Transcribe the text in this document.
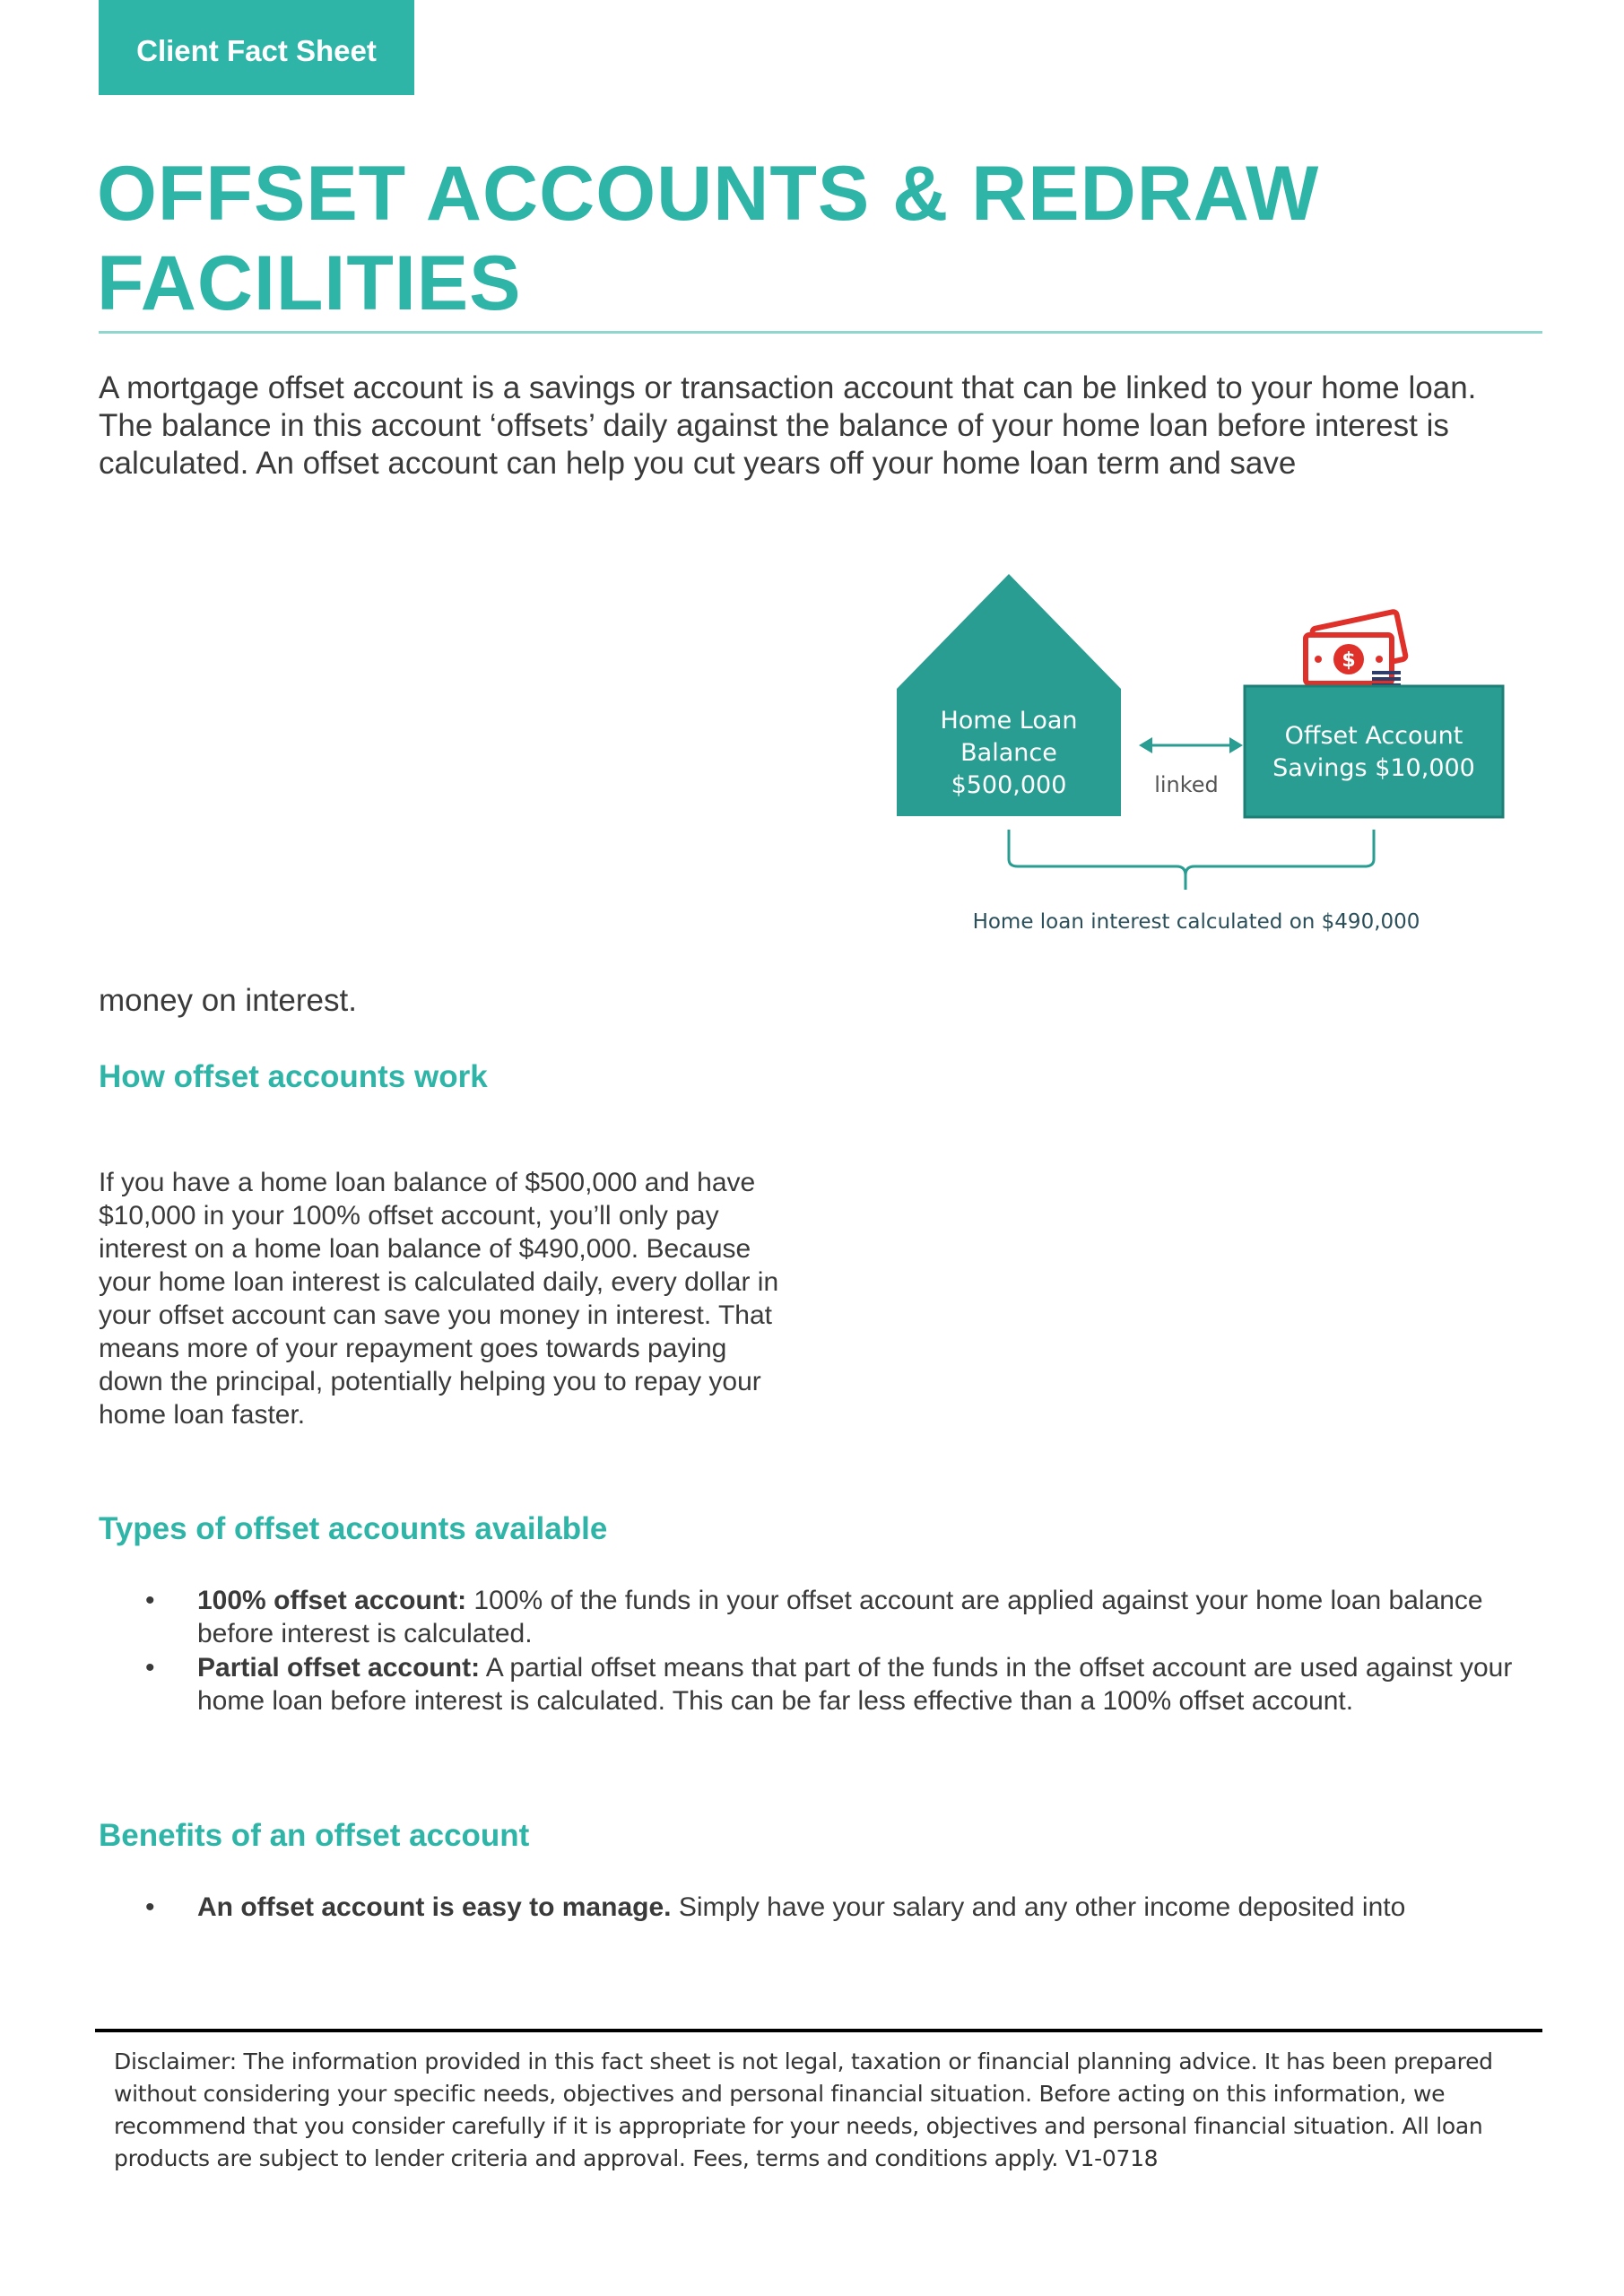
Client Fact Sheet
OFFSET ACCOUNTS & REDRAW FACILITIES

A mortgage offset account is a savings or transaction account that can be linked to your home loan. The balance in this account ‘offsets’ daily against the balance of your home loan before interest is calculated. An offset account can help you cut years off your home loan term and save

Home Loan
Balance
$500,000	linked
$
Offset Account
Savings $10,000
Home loan interest calculated on $490,000

money on interest.

How offset accounts work

If you have a home loan balance of $500,000 and have $10,000 in your 100% offset account, you’ll only pay interest on a home loan balance of $490,000. Because your home loan interest is calculated daily, every dollar in your offset account can save you money in interest. That means more of your repayment goes towards paying down the principal, potentially helping you to repay your home loan faster.

Types of offset accounts available
• 100% offset account: 100% of the funds in your offset account are applied against your home loan balance before interest is calculated.
• Partial offset account: A partial offset means that part of the funds in the offset account are used against your home loan before interest is calculated. This can be far less effective than a 100% offset account.
Benefits of an offset account
• An offset account is easy to manage. Simply have your salary and any other income deposited into

Disclaimer: The information provided in this fact sheet is not legal, taxation or financial planning advice. It has been prepared without considering your specific needs, objectives and personal financial situation. Before acting on this information, we recommend that you consider carefully if it is appropriate for your needs, objectives and personal financial situation. All loan products are subject to lender criteria and approval. Fees, terms and conditions apply. V1-0718
